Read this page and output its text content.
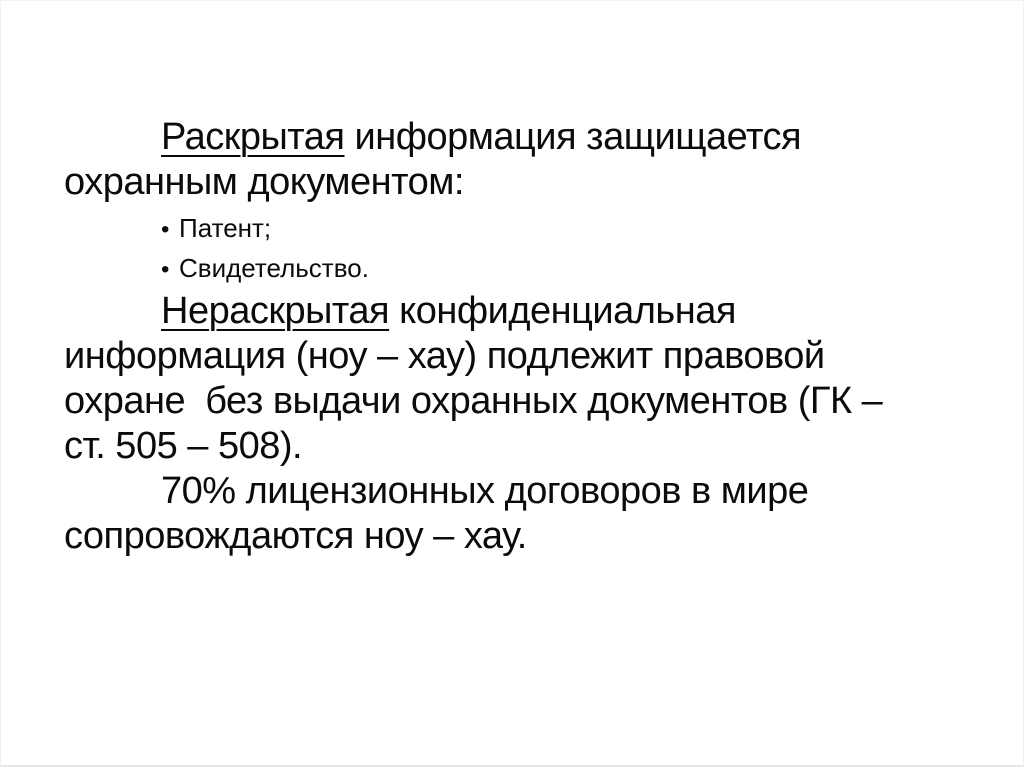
Раскрытая информация защищается
охранным документом:
• Патент;
• Свидетельство.
Нераскрытая конфиденциальная
информация (ноу – хау) подлежит правовой
охране  без выдачи охранных документов (ГК –
ст. 505 – 508).
70% лицензионных договоров в мире
сопровождаются ноу – хау.
